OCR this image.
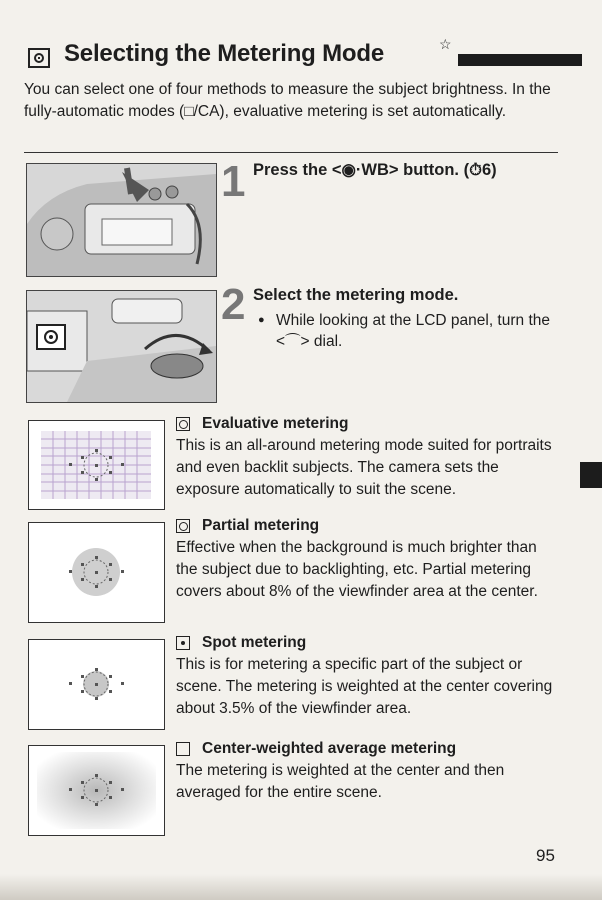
Selecting the Metering Mode	☆
You can select one of four methods to measure the subject brightness. In the fully-automatic modes (□/CA), evaluative metering is set automatically.
1 Press the <◉·WB> button. (⏱6)
2 Select the metering mode.
● While looking at the LCD panel, turn the <⌒> dial.
Evaluative metering
This is an all-around metering mode suited for portraits and even backlit subjects. The camera sets the exposure automatically to suit the scene.
Partial metering
Effective when the background is much brighter than the subject due to backlighting, etc. Partial metering covers about 8% of the viewfinder area at the center.
Spot metering
This is for metering a specific part of the subject or scene. The metering is weighted at the center covering about 3.5% of the viewfinder area.
Center-weighted average metering
The metering is weighted at the center and then averaged for the entire scene.
95
